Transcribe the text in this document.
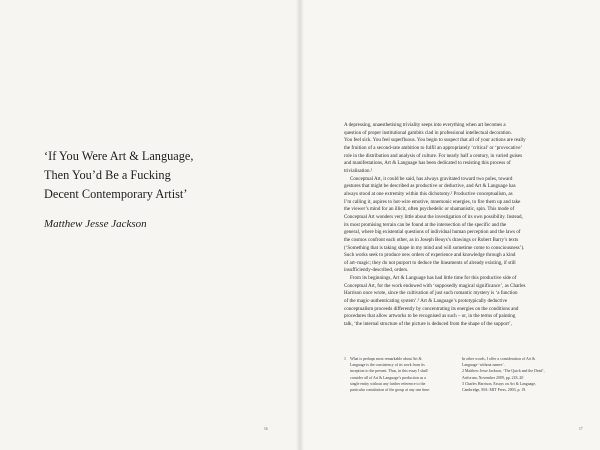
‘If You Were Art & Language,
Then You’d Be a Fucking
Decent Contemporary Artist’
Matthew Jesse Jackson
16
A depressing, unaesthetising triviality seeps into everything when art becomes a
question of proper institutional gambits clad in professional intellectual decoration.
You feel sick. You feel superfluous. You begin to suspect that all of your actions are really
the fruition of a second-rate ambition to fulfil an appropriately ‘critical’ or ‘provocative’
role in the distribution and analysis of culture. For nearly half a century, in varied guises
and manifestations, Art & Language has been dedicated to resisting this process of
trivialisation.¹
Conceptual Art, it could be said, has always gravitated toward two poles, toward
gestures that might be described as productive or deductive, and Art & Language has
always stood at one extremity within this dichotomy.² Productive conceptualism, as
I’m calling it, aspires to hot-wire emotive, mnemonic energies, to fire them up and take
the viewer’s mind for an illicit, often psychedelic or shamanistic, spin. This mode of
Conceptual Art wonders very little about the investigation of its own possibility. Instead,
its most promising terrain can be found at the intersection of the specific and the
general, where big existential questions of individual human perception and the laws of
the cosmos confront each other, as in Joseph Beuys’s drawings or Robert Barry’s texts
(‘Something that is taking shape in my mind and will sometime come to consciousness’).
Such works seek to produce new orders of experience and knowledge through a kind
of art–magic; they do not purport to deduce the lineaments of already existing, if still
insufficiently-described, orders.
From its beginnings, Art & Language has had little time for this productive side of
Conceptual Art, for the work endowed with ‘supposedly magical significance’, as Charles
Harrison once wrote, since the cultivation of just such romantic mystery is ‘a function
of the magic-authenticating system’.³ Art & Language’s prototypically deductive
conceptualism proceeds differently by concentrating its energies on the conditions and
procedures that allow artworks to be recognised as such – or, in the terms of painting
talk, ‘the internal structure of the picture is deduced from the shape of the support’,
1 What is perhaps most remarkable about Art &
Language is the consistency of its work from its
inception to the present. Thus, in this essay I shall
consider all of Art & Language’s production as a
single entity without any further reference to the
particular constitution of the group at any one time.
In other words, I offer a consideration of Art &
Language ‘without names’.
2 Matthew Jesse Jackson, ‘The Quick and the Dead’,
Artforum, November 2009, pp. 218–20
3 Charles Harrison, Essays on Art & Language,
Cambridge, MA: MIT Press, 2003, p. 19.
17
